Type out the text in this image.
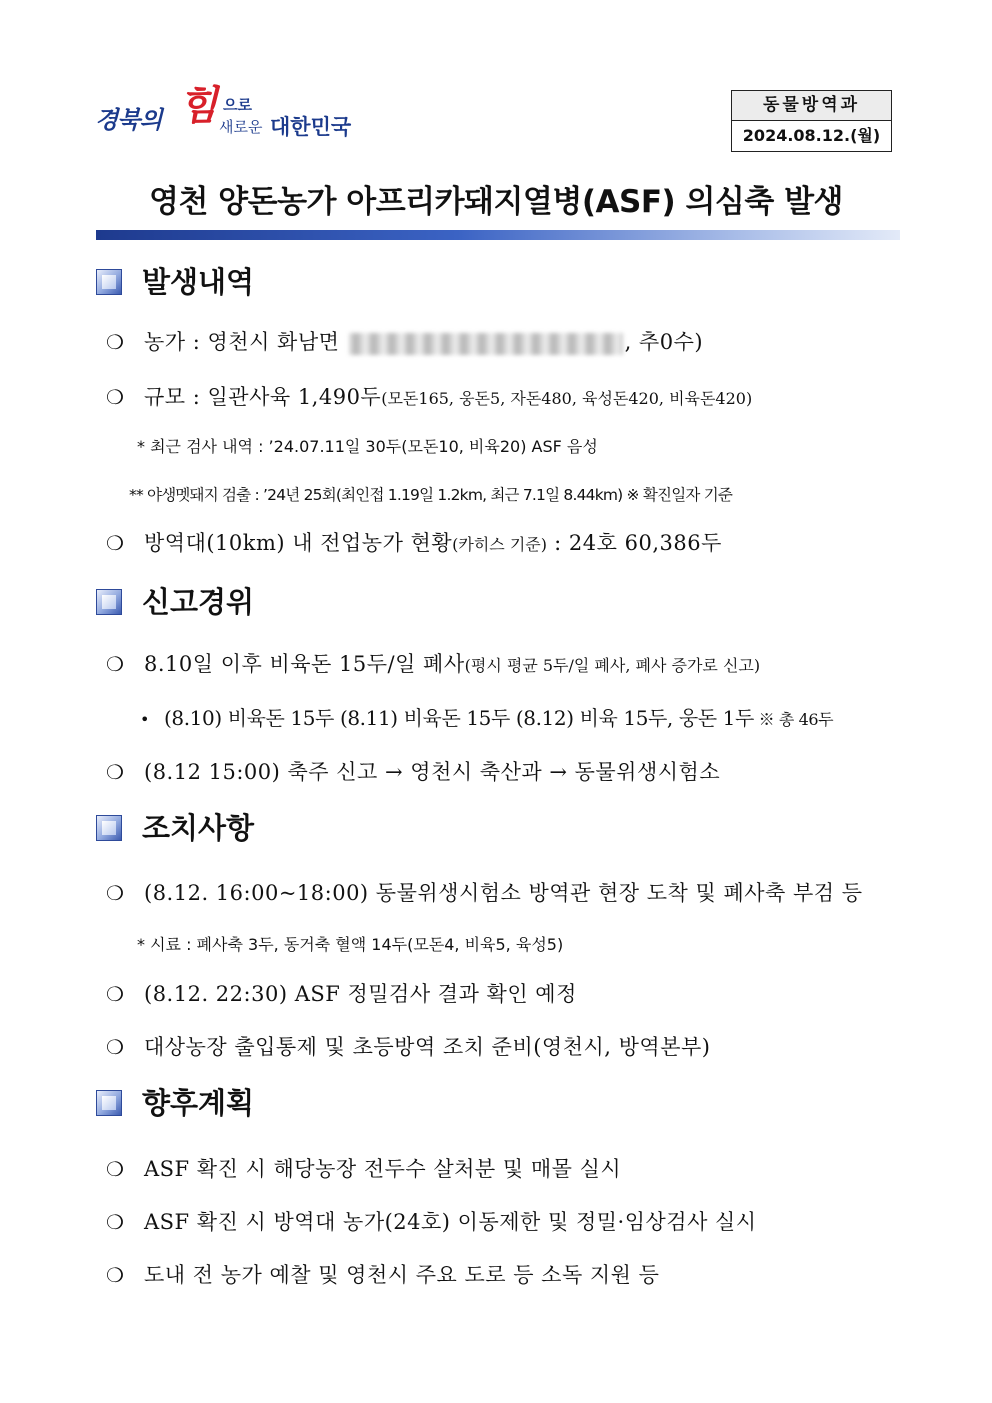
경북의 힘 으로
새로운 대한민국
동물방역과
2024.08.12.(월)
영천 양돈농가 아프리카돼지열병(ASF) 의심축 발생
발생내역
❍ 농가 : 영천시 화남면	, 추0수)
❍ 규모 : 일관사육 1,490두(모돈165, 웅돈5, 자돈480, 육성돈420, 비육돈420)
* 최근 검사 내역 : ’24.07.11일 30두(모돈10, 비육20) ASF 음성
** 야생멧돼지 검출 : ’24년 25회(최인접 1.19일 1.2km, 최근 7.1일 8.44km) ※ 확진일자 기준
❍ 방역대(10km) 내 전업농가 현황(카히스 기준) : 24호 60,386두
신고경위
❍ 8.10일 이후 비육돈 15두/일 폐사(평시 평균 5두/일 폐사, 폐사 증가로 신고)
• (8.10) 비육돈 15두 (8.11) 비육돈 15두 (8.12) 비육 15두, 웅돈 1두 ※ 총 46두
❍ (8.12 15:00) 축주 신고 → 영천시 축산과 → 동물위생시험소
조치사항
❍ (8.12. 16:00~18:00) 동물위생시험소 방역관 현장 도착 및 폐사축 부검 등
* 시료 : 폐사축 3두, 동거축 혈액 14두(모돈4, 비육5, 육성5)
❍ (8.12. 22:30) ASF 정밀검사 결과 확인 예정
❍ 대상농장 출입통제 및 초등방역 조치 준비(영천시, 방역본부)
향후계획
❍ ASF 확진 시 해당농장 전두수 살처분 및 매몰 실시
❍ ASF 확진 시 방역대 농가(24호) 이동제한 및 정밀·임상검사 실시
❍ 도내 전 농가 예찰 및 영천시 주요 도로 등 소독 지원 등
